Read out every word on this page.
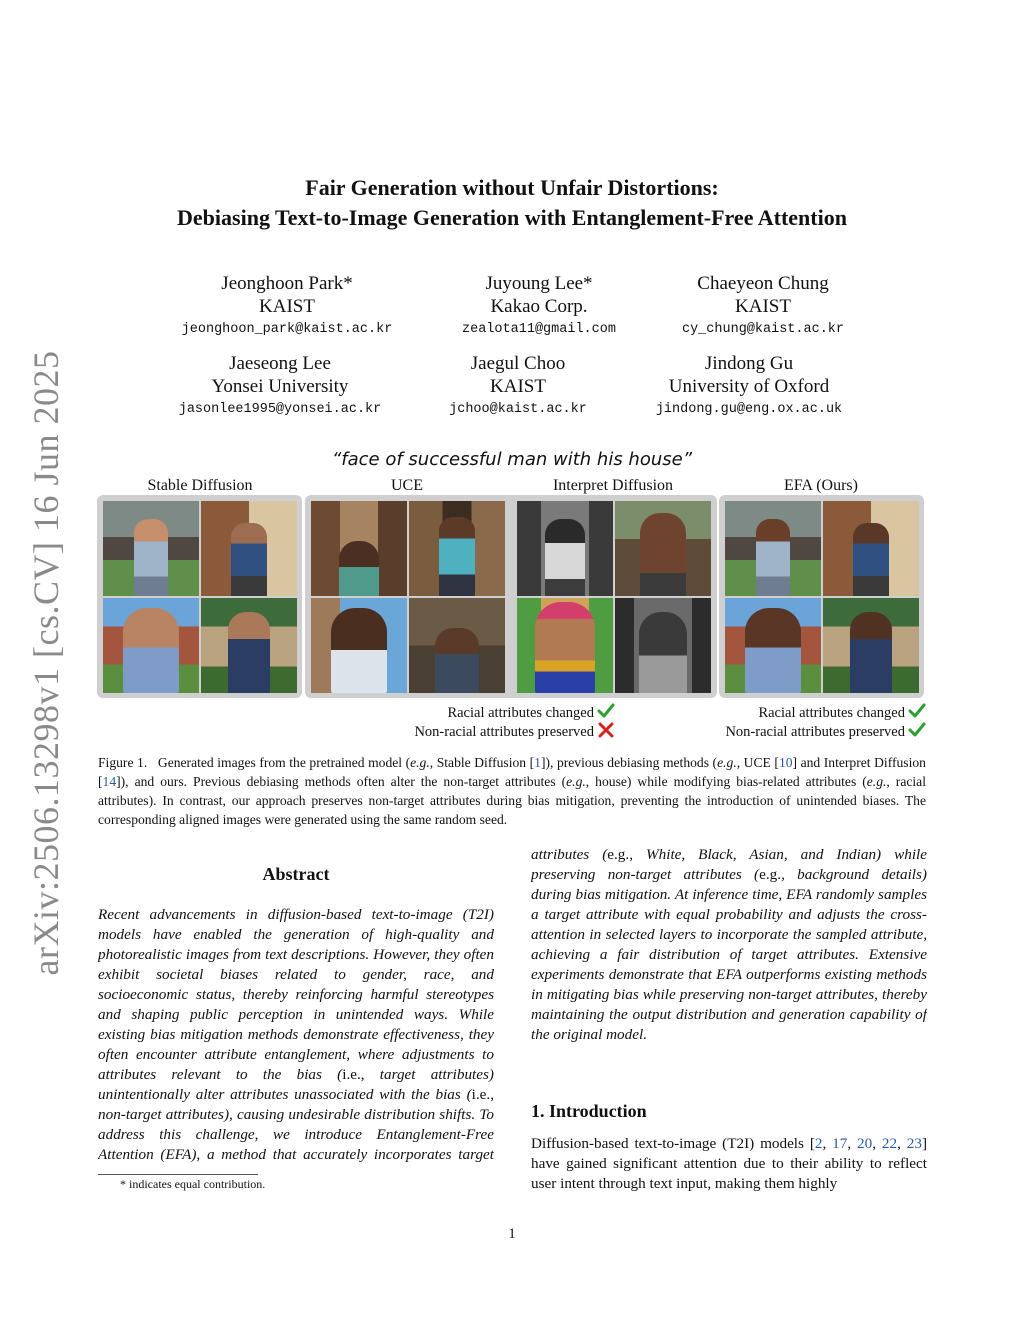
arXiv:2506.13298v1 [cs.CV] 16 Jun 2025
Fair Generation without Unfair Distortions:
Debiasing Text-to-Image Generation with Entanglement-Free Attention
Jeonghoon Park*
KAIST
jeonghoon_park@kaist.ac.kr
Juyoung Lee*
Kakao Corp.
zealota11@gmail.com
Chaeyeon Chung
KAIST
cy_chung@kaist.ac.kr
Jaeseong Lee
Yonsei University
jasonlee1995@yonsei.ac.kr
Jaegul Choo
KAIST
jchoo@kaist.ac.kr
Jindong Gu
University of Oxford
jindong.gu@eng.ox.ac.uk
“face of successful man with his house”
Stable Diffusion	UCE	Interpret Diffusion	EFA (Ours)
Racial attributes changed
Non-racial attributes preserved
Racial attributes changed
Non-racial attributes preserved
Figure 1. Generated images from the pretrained model (e.g., Stable Diffusion [1]), previous debiasing methods (e.g., UCE [10] and Interpret Diffusion [14]), and ours. Previous debiasing methods often alter the non-target attributes (e.g., house) while modifying bias-related attributes (e.g., racial attributes). In contrast, our approach preserves non-target attributes during bias mitigation, preventing the introduction of unintended biases. The corresponding aligned images were generated using the same random seed.
Abstract
Recent advancements in diffusion-based text-to-image (T2I) models have enabled the generation of high-quality and photorealistic images from text descriptions. However, they often exhibit societal biases related to gender, race, and socioeconomic status, thereby reinforcing harmful stereotypes and shaping public perception in unintended ways. While existing bias mitigation methods demonstrate effectiveness, they often encounter attribute entanglement, where adjustments to attributes relevant to the bias (i.e., target attributes) unintentionally alter attributes unassociated with the bias (i.e., non-target attributes), causing undesirable distribution shifts. To address this challenge, we introduce Entanglement-Free Attention (EFA), a method that accurately incorporates target
attributes (e.g., White, Black, Asian, and Indian) while preserving non-target attributes (e.g., background details) during bias mitigation. At inference time, EFA randomly samples a target attribute with equal probability and adjusts the cross-attention in selected layers to incorporate the sampled attribute, achieving a fair distribution of target attributes. Extensive experiments demonstrate that EFA outperforms existing methods in mitigating bias while preserving non-target attributes, thereby maintaining the output distribution and generation capability of the original model.
1. Introduction
Diffusion-based text-to-image (T2I) models [2, 17, 20, 22, 23] have gained significant attention due to their ability to reflect user intent through text input, making them highly
* indicates equal contribution.
1
